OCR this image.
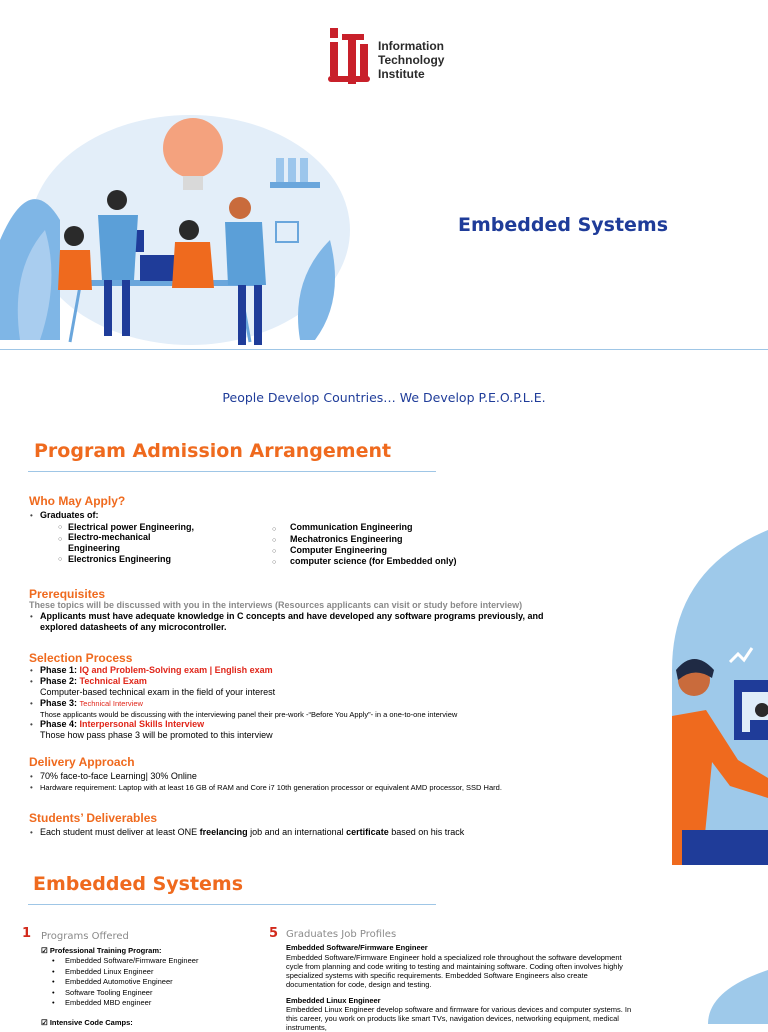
Information
Technology
Institute
Embedded Systems
People Develop Countries… We Develop P.E.O.P.L.E.
Program Admission Arrangement
Who May Apply?
• Graduates of:
○ Electrical power Engineering,
○ Electro-mechanical
Engineering
○ Electronics Engineering
○ Communication Engineering
○ Mechatronics Engineering
○ Computer Engineering
○ computer science (for Embedded only)
Prerequisites
These topics will be discussed with you in the interviews (Resources applicants can visit or study before interview)
• Applicants must have adequate knowledge in C concepts and have developed any software programs previously, and explored datasheets of any microcontroller.
Selection Process
• Phase 1: IQ and Problem-Solving exam | English exam
• Phase 2: Technical Exam
Computer-based technical exam in the field of your interest
• Phase 3: Technical Interview
Those applicants would be discussing with the interviewing panel their pre-work -“Before You Apply”- in a one-to-one interview
• Phase 4: Interpersonal Skills Interview
Those how pass phase 3 will be promoted to this interview
Delivery Approach
• 70% face-to-face Learning| 30% Online
• Hardware requirement: Laptop with at least 16 GB of RAM and Core i7 10th generation processor or equivalent AMD processor, SSD Hard.
Students’ Deliverables
• Each student must deliver at least ONE freelancing job and an international certificate based on his track
Embedded Systems
1 Programs Offered
☑ Professional Training Program:
•     Embedded Software/Firmware Engineer
•     Embedded Linux Engineer
•     Embedded Automotive Engineer
•     Software Tooling Engineer
•     Embedded MBD engineer
☑ Intensive Code Camps:
5 Graduates Job Profiles
Embedded Software/Firmware Engineer
Embedded Software/Firmware Engineer hold a specialized role throughout the software development cycle from planning and code writing to testing and maintaining software. Coding often involves highly specialized systems with specific requirements. Embedded Software Engineers also create documentation for code, design and testing.
Embedded Linux Engineer
Embedded Linux Engineer develop software and firmware for various devices and computer systems. In this career, you work on products like smart TVs, navigation devices, networking equipment, medical instruments,
